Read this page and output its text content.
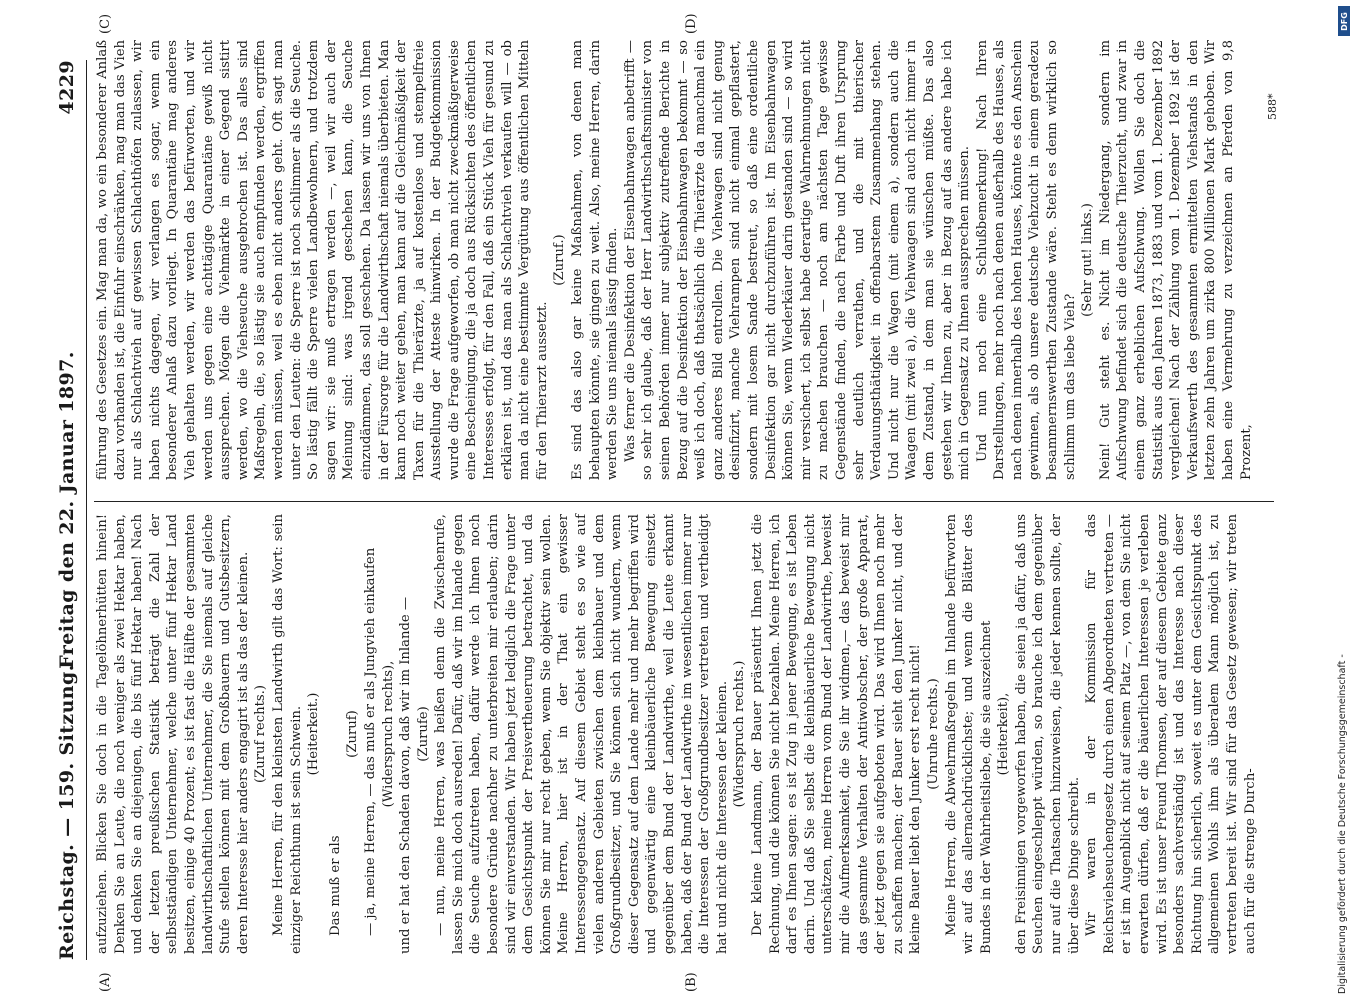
Reichstag. — 159. Sitzung.
Freitag den 22. Januar 1897.
4229
(A)	(B)
(C)	(D)

aufzuziehen. Blicken Sie doch in die Tagelöhnerhütten hinein! Denken Sie an Leute, die noch weniger als zwei Hektar haben, und denken Sie an diejenigen, die bis fünf Hektar haben! Nach der letzten preußischen Statistik beträgt die Zahl der selbstständigen Unternehmer, welche unter fünf Hektar Land besitzen, einige 40 Prozent; es ist fast die Hälfte der gesammten landwirthschaftlichen Unternehmer, die Sie niemals auf gleiche Stufe stellen können mit dem Großbauern und Gutsbesitzern, deren Interesse hier anders engagirt ist als das der kleinen. (Zuruf rechts.) Meine Herren, für den kleinsten Landwirth gilt das Wort: sein einziger Reichthum ist sein Schwein. (Heiterkeit.)

Das muß er als

(Zuruf) — ja, meine Herren, — das muß er als Jungvieh einkaufen (Widerspruch rechts), und er hat den Schaden davon, daß wir im Inlande — (Zurufe) — nun, meine Herren, was heißen denn die Zwischenrufe, lassen Sie mich doch ausreden! Dafür, daß wir im Inlande gegen die Seuche aufzutreten haben, dafür werde ich Ihnen noch besondere Gründe nachher zu unterbreiten mir erlauben; darin sind wir einverstanden. Wir haben jetzt lediglich die Frage unter dem Gesichtspunkt der Preisvertheuerung betrachtet, und da können Sie mir nur recht geben, wenn Sie objektiv sein wollen. Meine Herren, hier ist in der That ein gewisser Interessengegensatz. Auf diesem Gebiet steht es so wie auf vielen anderen Gebieten zwischen dem kleinbauer und dem Großgrundbesitzer, und Sie können sich nicht wundern, wenn dieser Gegensatz auf dem Lande mehr und mehr begriffen wird und gegenwärtig eine kleinbäuerliche Bewegung einsetzt gegenüber dem Bund der Landwirthe, weil die Leute erkannt haben, daß der Bund der Landwirthe im wesentlichen immer nur die Interessen der Großgrundbesitzer vertreten und vertheidigt hat und nicht die Interessen der kleinen. (Widerspruch rechts.) Der kleine Landmann, der Bauer präsentirt Ihnen jetzt die Rechnung, und die können Sie nicht bezahlen. Meine Herren, ich darf es Ihnen sagen: es ist Zug in jener Bewegung, es ist Leben darin. Und daß Sie selbst die kleinbäuerliche Bewegung nicht unterschätzen, meine Herren vom Bund der Landwirthe, beweist mir die Aufmerksamkeit, die Sie ihr widmen,— das beweist mir das gesammte Verhalten der Antiwobscher, der große Apparat, der jetzt gegen sie aufgeboten wird. Das wird Ihnen noch mehr zu schaffen machen; der Bauer sieht den Junker nicht, und der kleine Bauer liebt den Junker erst recht nicht! (Unruhe rechts.) Meine Herren, die Abwehrmaßregeln im Inlande befürworten wir auf das allernachdrücklichste; und wenn die Blätter des Bundes in der Wahrheitsliebe, die sie auszeichnet (Heiterkeit), den Freisinnigen vorgeworfen haben, die seien ja dafür, daß uns Seuchen eingeschleppt würden, so brauche ich dem gegenüber nur auf die Thatsachen hinzuweisen, die jeder kennen sollte, der über diese Dinge schreibt. Wir waren in der Kommission für das Reichsviehseuchengesetz durch einen Abgeordneten vertreten — er ist im Augenblick nicht auf seinem Platz —, von dem Sie nicht erwarten dürfen, daß er die bäuerlichen Interessen je verleben wird. Es ist unser Freund Thomsen, der auf diesem Gebiete ganz besonders sachverständig ist und das Interesse nach dieser Richtung hin sicherlich, soweit es unter dem Gesichtspunkt des allgemeinen Wohls ihm als überalem Mann möglich ist, zu vertreten bereit ist. Wir sind für das Gesetz gewesen; wir treten auch für die strenge Durch-

führung des Gesetzes ein. Mag man da, wo ein besonderer Anlaß dazu vorhanden ist, die Einfuhr einschränken, mag man das Vieh nur als Schlachtvieh auf gewissen Schlachthöfen zulassen, wir haben nichts dagegen, wir verlangen es sogar, wenn ein besonderer Anlaß dazu vorliegt. In Quarantäne mag anderes Vieh gehalten werden, wir werden das befürworten, und wir werden uns gegen eine achttägige Quarantäne gewiß nicht aussprechen. Mögen die Viehmärkte in einer Gegend sistirt werden, wo die Viehseuche ausgebrochen ist. Das alles sind Maßregeln, die, so lästig sie auch empfunden werden, ergriffen werden müssen, weil es eben nicht anders geht. Oft sagt man unter den Leuten: die Sperre ist noch schlimmer als die Seuche. So lästig fällt die Sperre vielen Landbewohnern, und trotzdem sagen wir: sie muß ertragen werden —, weil wir auch der Meinung sind: was irgend geschehen kann, die Seuche einzudämmen, das soll geschehen. Da lassen wir uns von Ihnen in der Fürsorge für die Landwirthschaft niemals überbieten. Man kann noch weiter gehen, man kann auf die Gleichmäßigkeit der Taxen für die Thierärzte, ja auf kostenlose und stempelfreie Ausstellung der Atteste hinwirken. In der Budgetkommission wurde die Frage aufgeworfen, ob man nicht zweckmäßigerweise eine Bescheinigung, die ja doch aus Rücksichten des öffentlichen Interesses erfolgt, für den Fall, daß ein Stück Vieh für gesund zu erklären ist, und das man als Schlachtvieh verkaufen will — ob man da nicht eine bestimmte Vergütung aus öffentlichen Mitteln für den Thierarzt aussetzt.

(Zuruf.) Es sind das also gar keine Maßnahmen, von denen man behaupten könnte, sie gingen zu weit. Also, meine Herren, darin werden Sie uns niemals lässig finden. Was ferner die Desinfektion der Eisenbahnwagen anbetrifft — so sehr ich glaube, daß der Herr Landwirthschaftsminister von seinen Behörden immer nur subjektiv zutreffende Berichte in Bezug auf die Desinfektion der Eisenbahnwagen bekommt — so weiß ich doch, daß thatsächlich die Thierärzte da manchmal ein ganz anderes Bild entrollen. Die Viehwagen sind nicht genug desinfizirt, manche Viehrampen sind nicht einmal gepflastert, sondern mit losem Sande bestreut, so daß eine ordentliche Desinfektion gar nicht durchzuführen ist. Im Eisenbahnwagen können Sie, wenn Wiederkäuer darin gestanden sind — so wird mir versichert, ich selbst habe derartige Wahrnehmungen nicht zu machen brauchen — noch am nächsten Tage gewisse Gegenstände finden, die nach Farbe und Duft ihren Ursprung sehr deutlich verrathen, und die mit thierischer Verdauungsthätigkeit in offenbarstem Zusammenhang stehen. Und nicht nur die Wagen (mit einem a), sondern auch die Waagen (mit zwei a), die Viehwaagen sind auch nicht immer in dem Zustand, in dem man sie wünschen müßte. Das also gestehen wir Ihnen zu, aber in Bezug auf das andere habe ich mich in Gegensatz zu Ihnen aussprechen müssen. Und nun noch eine Schlußbemerkung! Nach Ihren Darstellungen, mehr noch nach denen außerhalb des Hauses, als nach denen innerhalb des hohen Hauses, könnte es den Anschein gewinnen, als ob unsere deutsche Viehzucht in einem geradezu besammernswerthen Zustande wäre. Steht es denn wirklich so schlimm um das liebe Vieh?

(Sehr gut! links.) Nein! Gut steht es. Nicht im Niedergang, sondern im Aufschwung befindet sich die deutsche Thierzucht, und zwar in einem ganz erheblichen Aufschwung. Wollen Sie doch die Statistik aus den Jahren 1873, 1883 und vom 1. Dezember 1892 vergleichen! Nach der Zählung vom 1. Dezember 1892 ist der Verkaufswerth des gesammten ermittelten Viehstands in den letzten zehn Jahren um zirka 800 Millionen Mark gehoben. Wir haben eine Vermehrung zu verzeichnen an Pferden von 9,8 Prozent,

588*
Digitalisierung gefördert durch die Deutsche Forschungsgemeinschaft -
DFG
